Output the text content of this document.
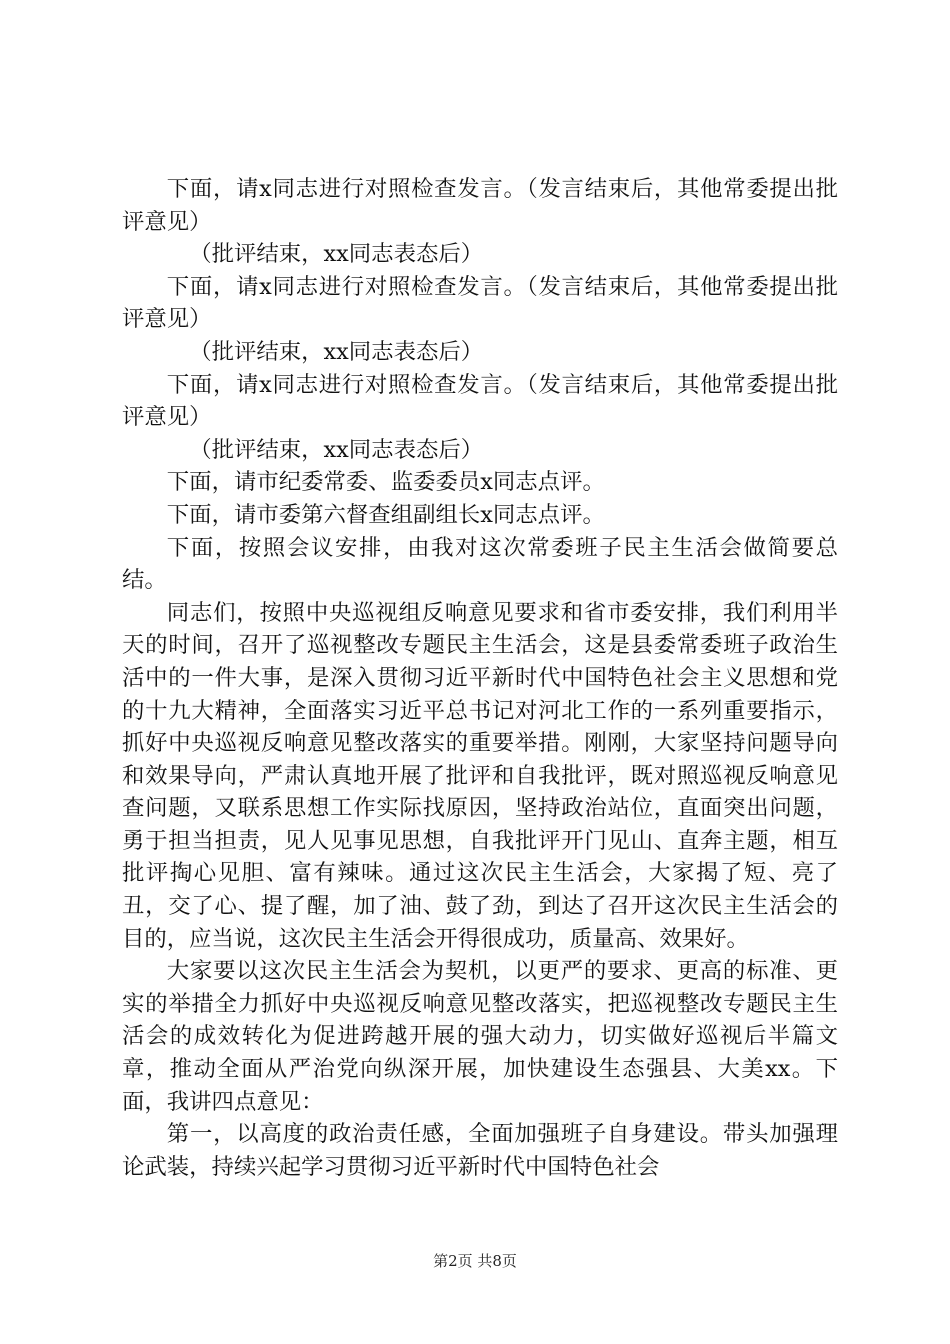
下面，请x同志进行对照检查发言。（发言结束后，其他常委提出批评意见）

（批评结束，xx同志表态后）

下面，请x同志进行对照检查发言。（发言结束后，其他常委提出批评意见）

（批评结束，xx同志表态后）

下面，请x同志进行对照检查发言。（发言结束后，其他常委提出批评意见）

（批评结束，xx同志表态后）

下面，请市纪委常委、监委委员x同志点评。

下面，请市委第六督查组副组长x同志点评。

下面，按照会议安排，由我对这次常委班子民主生活会做简要总结。

同志们，按照中央巡视组反响意见要求和省市委安排，我们利用半天的时间，召开了巡视整改专题民主生活会，这是县委常委班子政治生活中的一件大事，是深入贯彻习近平新时代中国特色社会主义思想和党的十九大精神，全面落实习近平总书记对河北工作的一系列重要指示，抓好中央巡视反响意见整改落实的重要举措。刚刚，大家坚持问题导向和效果导向，严肃认真地开展了批评和自我批评，既对照巡视反响意见查问题，又联系思想工作实际找原因，坚持政治站位，直面突出问题，勇于担当担责，见人见事见思想，自我批评开门见山、直奔主题，相互批评掏心见胆、富有辣味。通过这次民主生活会，大家揭了短、亮了丑，交了心、提了醒，加了油、鼓了劲，到达了召开这次民主生活会的目的，应当说，这次民主生活会开得很成功，质量高、效果好。

大家要以这次民主生活会为契机，以更严的要求、更高的标准、更实的举措全力抓好中央巡视反响意见整改落实，把巡视整改专题民主生活会的成效转化为促进跨越开展的强大动力，切实做好巡视后半篇文章，推动全面从严治党向纵深开展，加快建设生态强县、大美xx。下面，我讲四点意见：

第一，以高度的政治责任感，全面加强班子自身建设。带头加强理论武装，持续兴起学习贯彻习近平新时代中国特色社会

第2页 共8页
